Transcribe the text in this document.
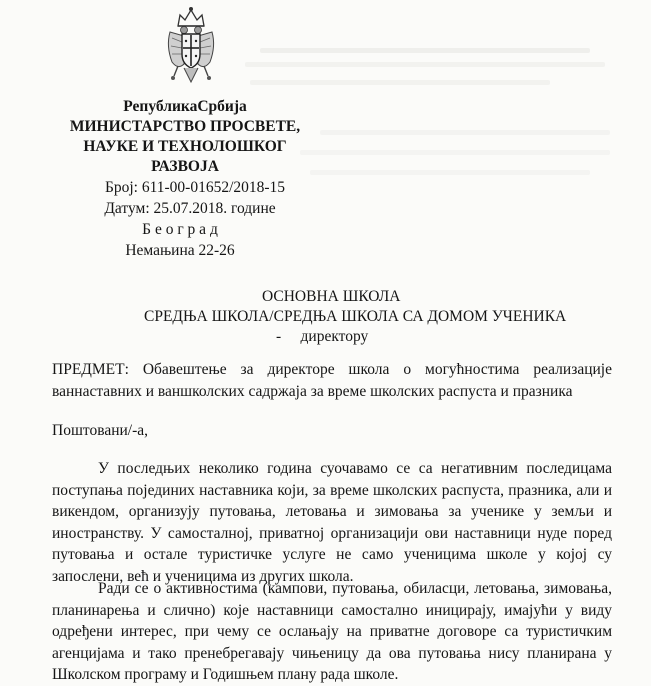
РепубликаСрбија
МИНИСТАРСТВО ПРОСВЕТЕ,
НАУКЕ И ТЕХНОЛОШКОГ
РАЗВОЈА
Број: 611-00-01652/2018-15
Датум: 25.07.2018. године
Б е о г р а д
Немањина 22-26
ОСНОВНА ШКОЛА
СРЕДЊА ШКОЛА/СРЕДЊА ШКОЛА СА ДОМОМ УЧЕНИКА
-     директору
ПРЕДМЕТ: Обавештење за директоре школа о могућностима реализације ваннаставних и ваншколских садржаја за време школских распуста и празника
Поштовани/-а,
У последњих неколико година суочавамо се са негативним последицама поступања појединих наставника који, за време школских распуста, празника, али и викендом, организују путовања, летовања и зимовања за ученике у земљи и иностранству. У самосталној, приватној организацији ови наставници нуде поред путовања и остале туристичке услуге не само ученицима школе у којој су запослени, већ и ученицима из других школа.
Ради се о активностима (кампови, путовања, обиласци, летовања, зимовања, планинарења и слично) које наставници самостално иницирају, имајући у виду одређени интерес, при чему се ослањају на приватне договоре са туристичким агенцијама и тако пренебрегавају чињеницу да ова путовања нису планирана у Школском програму и Годишњем плану рада школе.
